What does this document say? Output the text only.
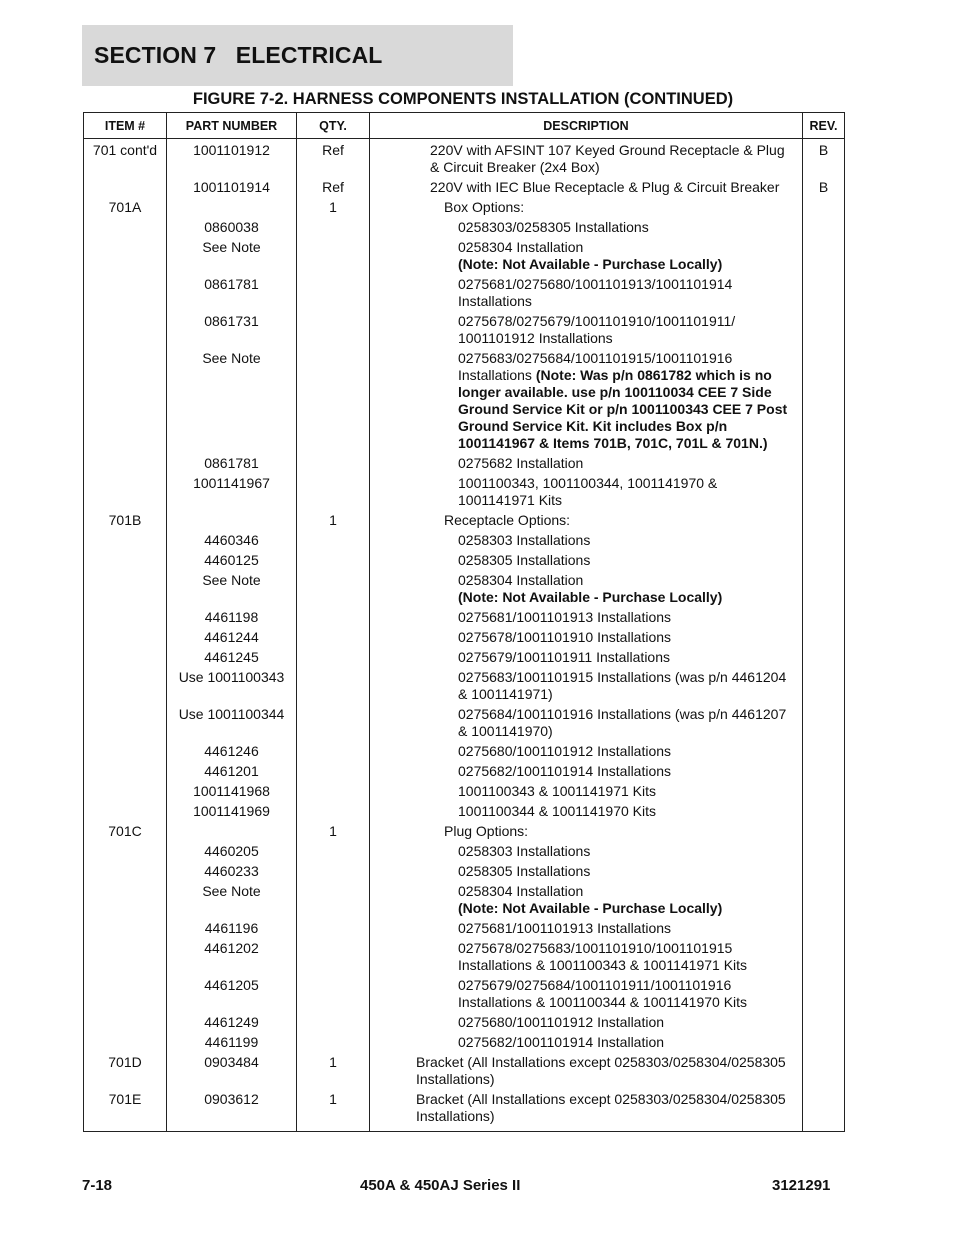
SECTION 7   ELECTRICAL
FIGURE 7-2. HARNESS COMPONENTS INSTALLATION (CONTINUED)
ITEM #	PART NUMBER	QTY.	DESCRIPTION	REV.
701 cont'd	1001101912	Ref	220V with AFSINT 107 Keyed Ground Receptacle & Plug & Circuit Breaker (2x4 Box)	B
	1001101914	Ref	220V with IEC Blue Receptacle & Plug & Circuit Breaker	B
701A		1	Box Options:	
	0860038		0258303/0258305 Installations	
	See Note		0258304 Installation
(Note: Not Available - Purchase Locally)	
	0861781		0275681/0275680/1001101913/1001101914 Installations	
	0861731		0275678/0275679/1001101910/1001101911/ 1001101912 Installations	
	See Note		0275683/0275684/1001101915/1001101916 Installations (Note: Was p/n 0861782 which is no longer available. use p/n 100110034 CEE 7 Side Ground Service Kit or p/n 1001100343 CEE 7 Post Ground Service Kit. Kit includes Box p/n 1001141967 & Items 701B, 701C, 701L & 701N.)	
	0861781		0275682 Installation	
	1001141967		1001100343, 1001100344, 1001141970 & 1001141971 Kits	
701B		1	Receptacle Options:	
	4460346		0258303 Installations	
	4460125		0258305 Installations	
	See Note		0258304 Installation
(Note: Not Available - Purchase Locally)	
	4461198		0275681/1001101913 Installations	
	4461244		0275678/1001101910 Installations	
	4461245		0275679/1001101911 Installations	
	Use 1001100343		0275683/1001101915 Installations (was p/n 4461204 & 1001141971)	
	Use 1001100344		0275684/1001101916 Installations (was p/n 4461207 & 1001141970)	
	4461246		0275680/1001101912 Installations	
	4461201		0275682/1001101914 Installations	
	1001141968		1001100343 & 1001141971 Kits	
	1001141969		1001100344 & 1001141970 Kits	
701C		1	Plug Options:	
	4460205		0258303 Installations	
	4460233		0258305 Installations	
	See Note		0258304 Installation
(Note: Not Available - Purchase Locally)	
	4461196		0275681/1001101913 Installations	
	4461202		0275678/0275683/1001101910/1001101915 Installations & 1001100343 & 1001141971 Kits	
	4461205		0275679/0275684/1001101911/1001101916 Installations & 1001100344 & 1001141970 Kits	
	4461249		0275680/1001101912 Installation	
	4461199		0275682/1001101914 Installation	
701D	0903484	1	Bracket (All Installations except 0258303/0258304/0258305 Installations)	
701E	0903612	1	Bracket (All Installations except 0258303/0258304/0258305 Installations)	
7-18	450A & 450AJ Series II	3121291
